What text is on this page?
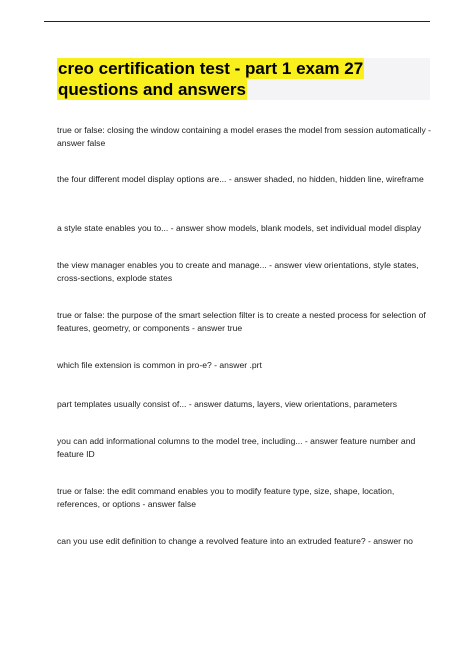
creo certification test - part 1 exam 27
questions and answers
true or false: closing the window containing a model erases the model from session automatically - answer false
the four different model display options are... - answer shaded, no hidden, hidden line, wireframe
a style state enables you to... - answer show models, blank models, set individual model display
the view manager enables you to create and manage... - answer view orientations, style states, cross-sections, explode states
true or false: the purpose of the smart selection filter is to create a nested process for selection of features, geometry, or components - answer true
which file extension is common in pro-e? - answer .prt
part templates usually consist of... - answer datums, layers, view orientations, parameters
you can add informational columns to the model tree, including... - answer feature number and feature ID
true or false: the edit command enables you to modify feature type, size, shape, location, references, or options - answer false
can you use edit definition to change a revolved feature into an extruded feature? - answer no
